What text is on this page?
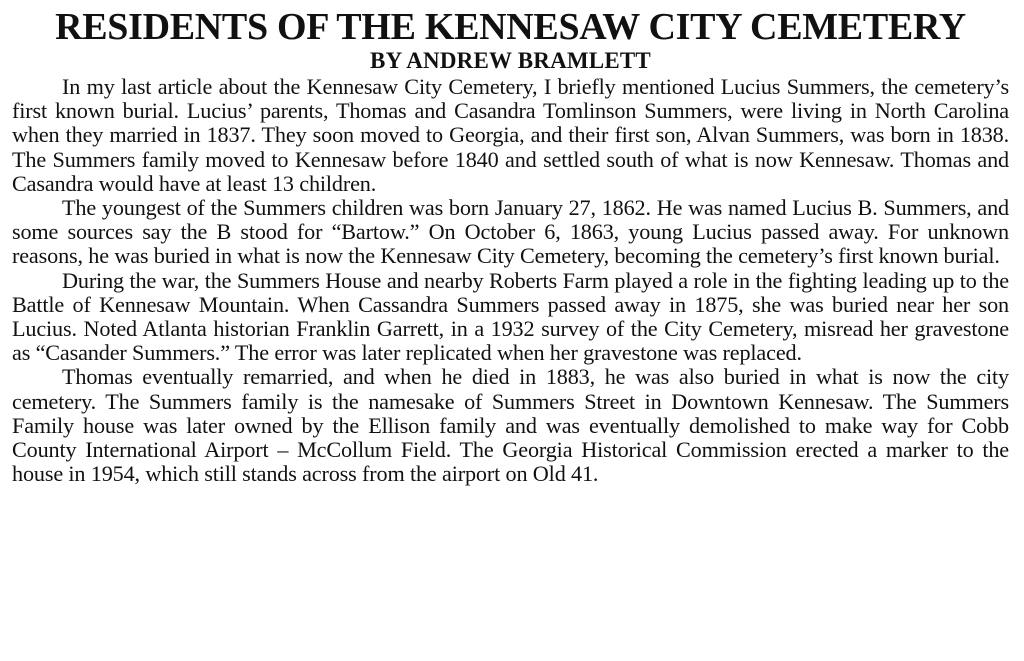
RESIDENTS OF THE KENNESAW CITY CEMETERY
BY ANDREW BRAMLETT

In my last article about the Kennesaw City Cemetery, I briefly mentioned Lucius Summers, the cemetery’s first known burial. Lucius’ parents, Thomas and Casandra Tomlinson Summers, were living in North Carolina when they married in 1837. They soon moved to Georgia, and their first son, Alvan Summers, was born in 1838. The Summers family moved to Kennesaw before 1840 and settled south of what is now Kennesaw. Thomas and Casandra would have at least 13 children.

The youngest of the Summers children was born January 27, 1862. He was named Lucius B. Summers, and some sources say the B stood for “Bartow.” On October 6, 1863, young Lucius passed away. For unknown reasons, he was buried in what is now the Kennesaw City Cemetery, becoming the cemetery’s first known burial.

During the war, the Summers House and nearby Roberts Farm played a role in the fighting leading up to the Battle of Kennesaw Mountain. When Cassandra Summers passed away in 1875, she was buried near her son Lucius. Noted Atlanta historian Franklin Garrett, in a 1932 survey of the City Cemetery, misread her gravestone as “Casander Summers.” The error was later replicated when her gravestone was replaced.

Thomas eventually remarried, and when he died in 1883, he was also buried in what is now the city cemetery. The Summers family is the namesake of Summers Street in Downtown Kennesaw. The Summers Family house was later owned by the Ellison family and was eventually demolished to make way for Cobb County International Airport – McCollum Field. The Georgia Historical Commission erected a marker to the house in 1954, which still stands across from the airport on Old 41.
